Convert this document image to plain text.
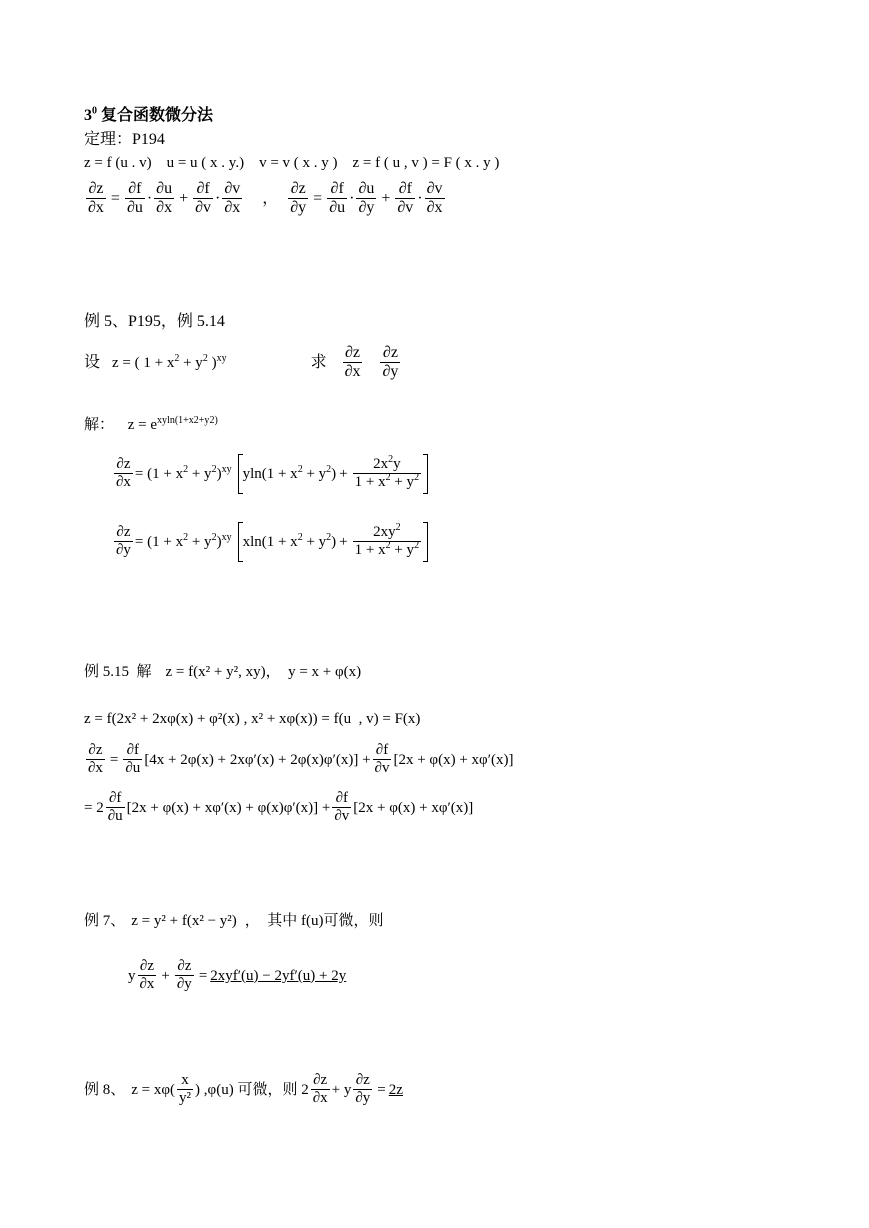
$3^0$ 复合函数微分法
定理：P194
z = f (u . v)    u = u ( x . y.)    v = v ( x . y )    z = f ( u , v ) = F ( x . y )
$\frac{\partial z}{\partial x} = \frac{\partial f}{\partial u} \cdot \frac{\partial u}{\partial x} + \frac{\partial f}{\partial v} \cdot \frac{\partial v}{\partial x}$ ， $\frac{\partial z}{\partial y} = \frac{\partial f}{\partial u} \cdot \frac{\partial u}{\partial y} + \frac{\partial f}{\partial v} \cdot \frac{\partial v}{\partial x}$
例 5、P195，例 5.14
设 z = ( $1 + x^2 + y^2$ )$^{xy}$	求 $\frac{\partial z}{\partial x} \frac{\partial z}{\partial y}$
解： $z = e^{xyln(1+x2+y2)}$
$\frac{\partial z}{\partial x} = (1 + x^2 + y^2)^{xy}$ $yln(1 + x^2 + y^2) + \frac{2x^2y}{1 + x^2 + y^2}$
$\frac{\partial z}{\partial y} = (1 + x^2 + y^2)^{xy}$ $xln(1 + x^2 + y^2) + \frac{2xy^2}{1 + x^2 + y^2}$
例 5.15  解 z = f(x² + y², xy)，  y = x + φ(x)
z = f(2x² + 2xφ(x) + φ²(x) , x² + xφ(x)) = f(u  , v) = F(x)
$\frac{\partial z}{\partial x} = \frac{\partial f}{\partial u} [4x + 2\varphi(x) + 2x\varphi'(x) + 2\varphi(x)\varphi'(x)] + \frac{\partial f}{\partial v} [2x + \varphi(x) + x\varphi'(x)]$
= $2 \frac{\partial f}{\partial u} [2x + \varphi(x) + x\varphi'(x) + \varphi(x)\varphi'(x)] + \frac{\partial f}{\partial v} [2x + \varphi(x) + x\varphi'(x)]$
例 7、 z = y² + f(x² − y²) ，  其中 f(u)可微，则
y $\frac{\partial z}{\partial x} + \frac{\partial z}{\partial y} = 2xyf'(u) - 2yf'(u) + 2y$
例 8、 $z = x\varphi( \frac{x}{\text{y²}}$ ) ,φ(u) 可微，则 $2 \frac{\partial z}{\partial x} + y \frac{\partial z}{\partial y} = 2z$
